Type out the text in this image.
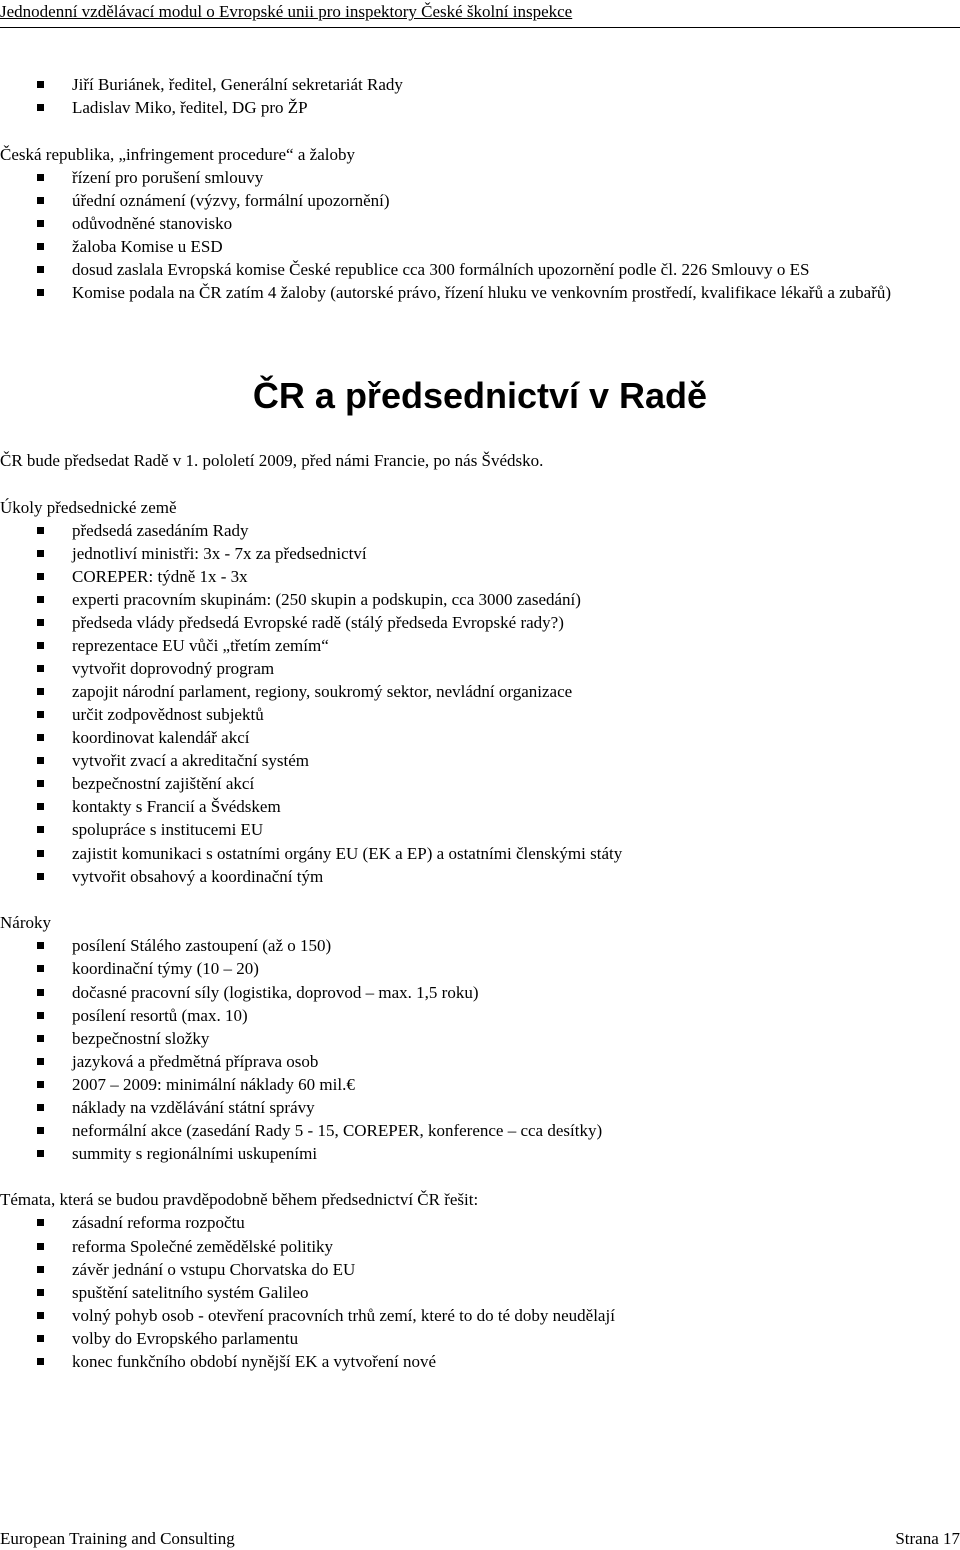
Jednodenní vzdělávací modul o Evropské unii pro inspektory České školní inspekce
Jiří Buriánek, ředitel, Generální sekretariát Rady
Ladislav Miko, ředitel, DG pro ŽP
Česká republika, „infringement procedure“ a žaloby
řízení pro porušení smlouvy
úřední oznámení (výzvy, formální upozornění)
odůvodněné stanovisko
žaloba Komise u ESD
dosud zaslala Evropská komise České republice cca 300 formálních upozornění podle čl. 226 Smlouvy o ES
Komise podala na ČR zatím 4 žaloby (autorské právo, řízení hluku ve venkovním prostředí, kvalifikace lékařů a zubařů)
ČR a předsednictví v Radě
ČR bude předsedat Radě v 1. pololetí 2009, před námi Francie, po nás Švédsko.
Úkoly předsednické země
předsedá zasedáním Rady
jednotliví ministři: 3x - 7x za předsednictví
COREPER: týdně 1x - 3x
experti pracovním skupinám: (250 skupin a podskupin, cca 3000 zasedání)
předseda vlády předsedá Evropské radě (stálý předseda Evropské rady?)
reprezentace EU vůči „třetím zemím“
vytvořit doprovodný program
zapojit národní parlament, regiony, soukromý sektor, nevládní organizace
určit zodpovědnost subjektů
koordinovat kalendář akcí
vytvořit zvací a akreditační systém
bezpečnostní zajištění akcí
kontakty s Francií a Švédskem
spolupráce s institucemi EU
zajistit komunikaci s ostatními orgány EU (EK a EP) a ostatními členskými státy
vytvořit obsahový a koordinační tým
Nároky
posílení Stálého zastoupení (až o 150)
koordinační týmy (10 – 20)
dočasné pracovní síly (logistika, doprovod – max. 1,5 roku)
posílení resortů (max. 10)
bezpečnostní složky
jazyková a předmětná příprava osob
2007 – 2009: minimální náklady 60 mil.€
náklady na vzdělávání státní správy
neformální akce (zasedání Rady 5 - 15, COREPER, konference – cca desítky)
summity s regionálními uskupeními
Témata, která se budou pravděpodobně během předsednictví ČR řešit:
zásadní reforma rozpočtu
reforma Společné zemědělské politiky
závěr jednání o vstupu Chorvatska do EU
spuštění satelitního systém Galileo
volný pohyb osob - otevření pracovních trhů zemí, které to do té doby neudělají
volby do Evropského parlamentu
konec funkčního období nynější EK a vytvoření nové
European Training and Consulting	Strana 17
